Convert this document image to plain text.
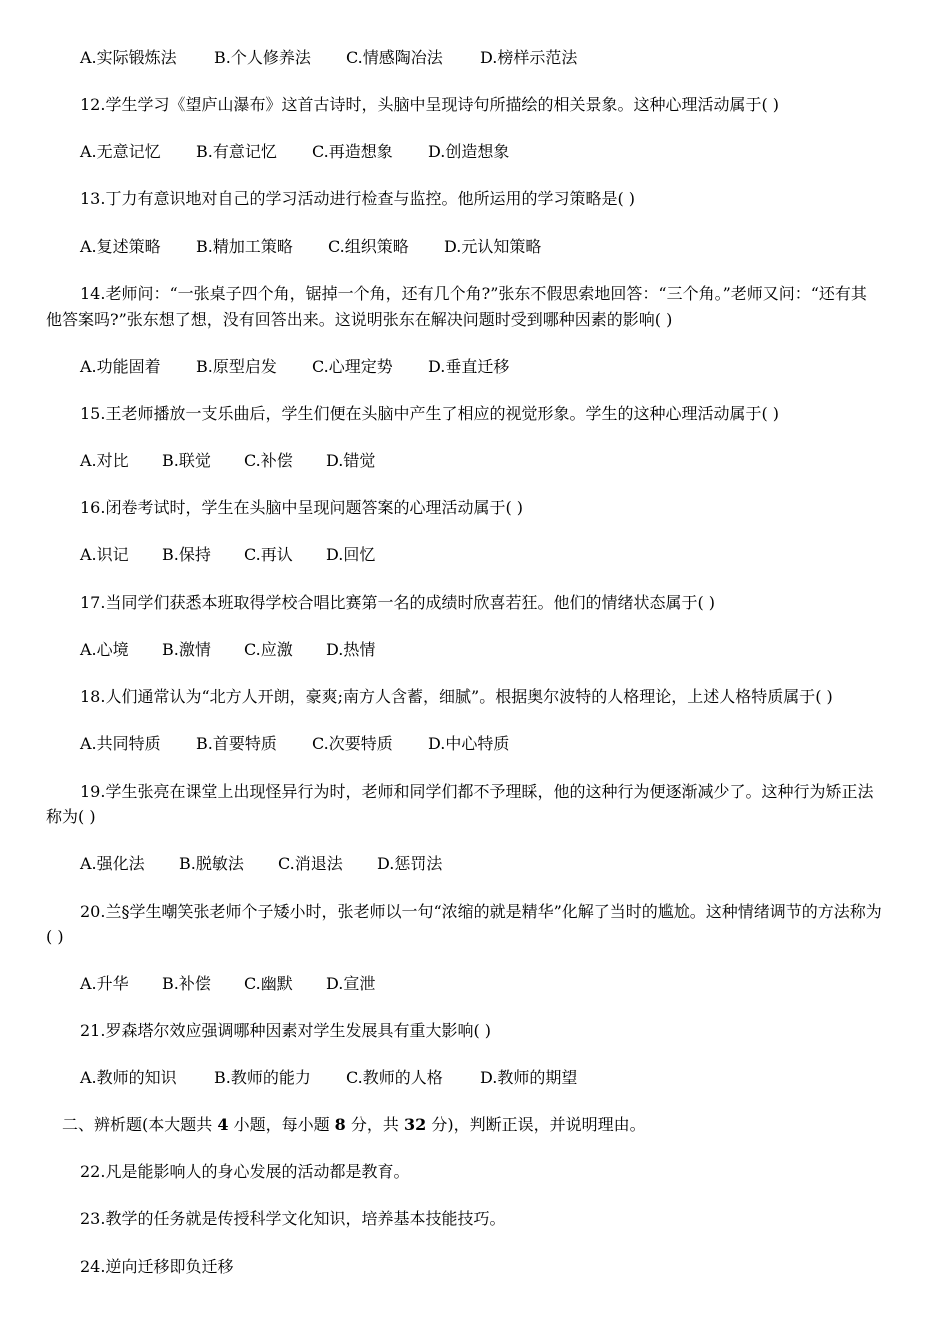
A.实际锻炼法 B.个人修养法 C.情感陶冶法 D.榜样示范法
12.学生学习《望庐山瀑布》这首古诗时，头脑中呈现诗句所描绘的相关景象。这种心理活动属于( )
A.无意记忆 B.有意记忆 C.再造想象 D.创造想象
13.丁力有意识地对自己的学习活动进行检查与监控。他所运用的学习策略是( )
A.复述策略 B.精加工策略 C.组织策略 D.元认知策略
14.老师问：“一张桌子四个角，锯掉一个角，还有几个角?”张东不假思索地回答：“三个角。”老师又问：“还有其
他答案吗?”张东想了想，没有回答出来。这说明张东在解决问题时受到哪种因素的影响( )
A.功能固着 B.原型启发 C.心理定势 D.垂直迁移
15.王老师播放一支乐曲后，学生们便在头脑中产生了相应的视觉形象。学生的这种心理活动属于( )
A.对比 B.联觉 C.补偿 D.错觉
16.闭卷考试时，学生在头脑中呈现问题答案的心理活动属于( )
A.识记 B.保持 C.再认 D.回忆
17.当同学们获悉本班取得学校合唱比赛第一名的成绩时欣喜若狂。他们的情绪状态属于( )
A.心境 B.激情 C.应激 D.热情
18.人们通常认为“北方人开朗，豪爽;南方人含蓄，细腻”。根据奥尔波特的人格理论，上述人格特质属于( )
A.共同特质 B.首要特质 C.次要特质 D.中心特质
19.学生张亮在课堂上出现怪异行为时，老师和同学们都不予理睬，他的这种行为便逐渐减少了。这种行为矫正法
称为( )
A.强化法 B.脱敏法 C.消退法 D.惩罚法
20.兰§学生嘲笑张老师个子矮小时，张老师以一句“浓缩的就是精华”化解了当时的尴尬。这种情绪调节的方法称为
( )
A.升华 B.补偿 C.幽默 D.宣泄
21.罗森塔尔效应强调哪种因素对学生发展具有重大影响( )
A.教师的知识 B.教师的能力 C.教师的人格 D.教师的期望
二、辨析题(本大题共 4 小题，每小题 8 分，共 32 分)，判断正误，并说明理由。
22.凡是能影响人的身心发展的活动都是教育。
23.教学的任务就是传授科学文化知识，培养基本技能技巧。
24.逆向迁移即负迁移
